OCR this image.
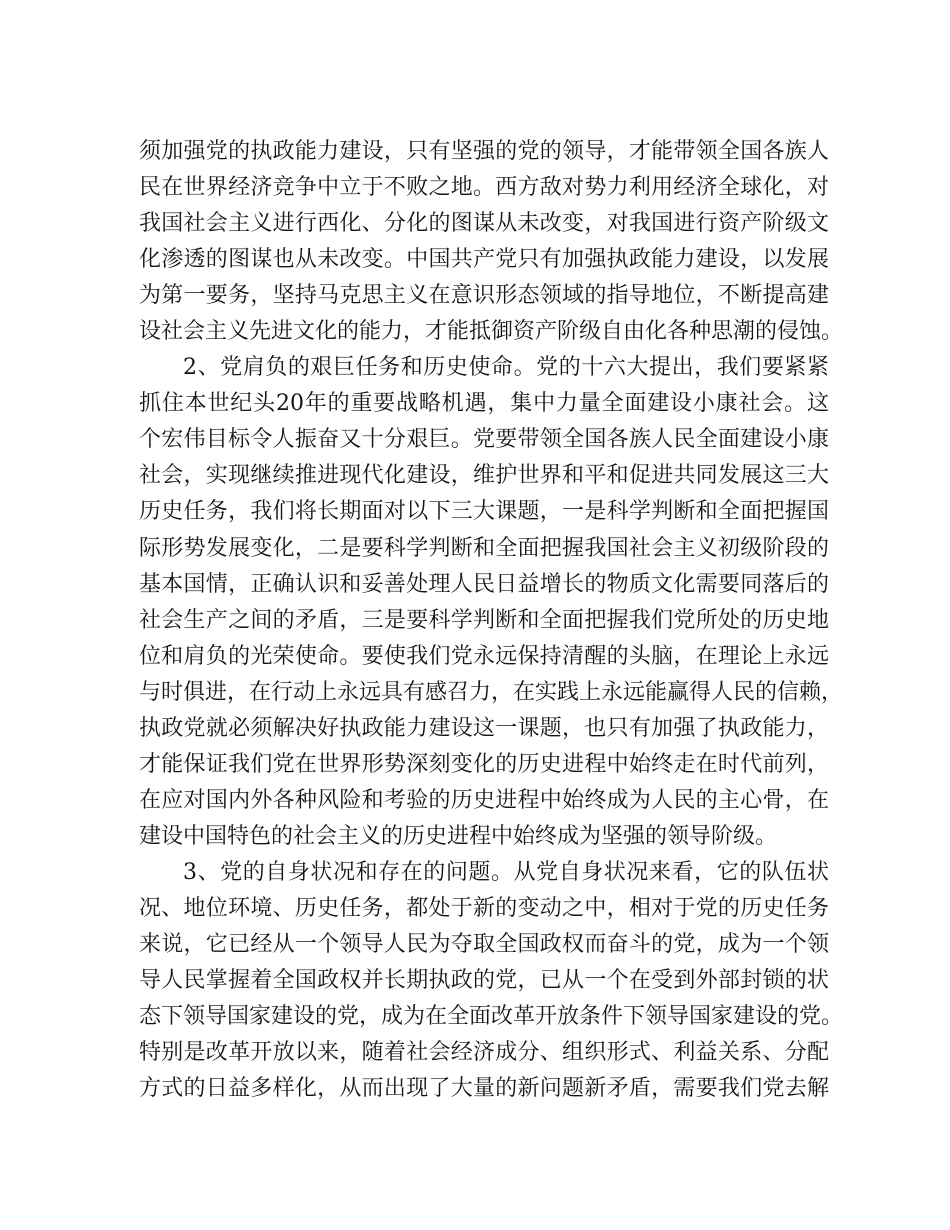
须加强党的执政能力建设，只有坚强的党的领导，才能带领全国各族人
民在世界经济竞争中立于不败之地。西方敌对势力利用经济全球化，对
我国社会主义进行西化、分化的图谋从未改变，对我国进行资产阶级文
化渗透的图谋也从未改变。中国共产党只有加强执政能力建设，以发展
为第一要务，坚持马克思主义在意识形态领域的指导地位，不断提高建
设社会主义先进文化的能力，才能抵御资产阶级自由化各种思潮的侵蚀。
2、党肩负的艰巨任务和历史使命。党的十六大提出，我们要紧紧
抓住本世纪头20年的重要战略机遇，集中力量全面建设小康社会。这
个宏伟目标令人振奋又十分艰巨。党要带领全国各族人民全面建设小康
社会，实现继续推进现代化建设，维护世界和平和促进共同发展这三大
历史任务，我们将长期面对以下三大课题，一是科学判断和全面把握国
际形势发展变化，二是要科学判断和全面把握我国社会主义初级阶段的
基本国情，正确认识和妥善处理人民日益增长的物质文化需要同落后的
社会生产之间的矛盾，三是要科学判断和全面把握我们党所处的历史地
位和肩负的光荣使命。要使我们党永远保持清醒的头脑，在理论上永远
与时俱进，在行动上永远具有感召力，在实践上永远能赢得人民的信赖，
执政党就必须解决好执政能力建设这一课题，也只有加强了执政能力，
才能保证我们党在世界形势深刻变化的历史进程中始终走在时代前列，
在应对国内外各种风险和考验的历史进程中始终成为人民的主心骨，在
建设中国特色的社会主义的历史进程中始终成为坚强的领导阶级。
3、党的自身状况和存在的问题。从党自身状况来看，它的队伍状
况、地位环境、历史任务，都处于新的变动之中，相对于党的历史任务
来说，它已经从一个领导人民为夺取全国政权而奋斗的党，成为一个领
导人民掌握着全国政权并长期执政的党，已从一个在受到外部封锁的状
态下领导国家建设的党，成为在全面改革开放条件下领导国家建设的党。
特别是改革开放以来，随着社会经济成分、组织形式、利益关系、分配
方式的日益多样化，从而出现了大量的新问题新矛盾，需要我们党去解
